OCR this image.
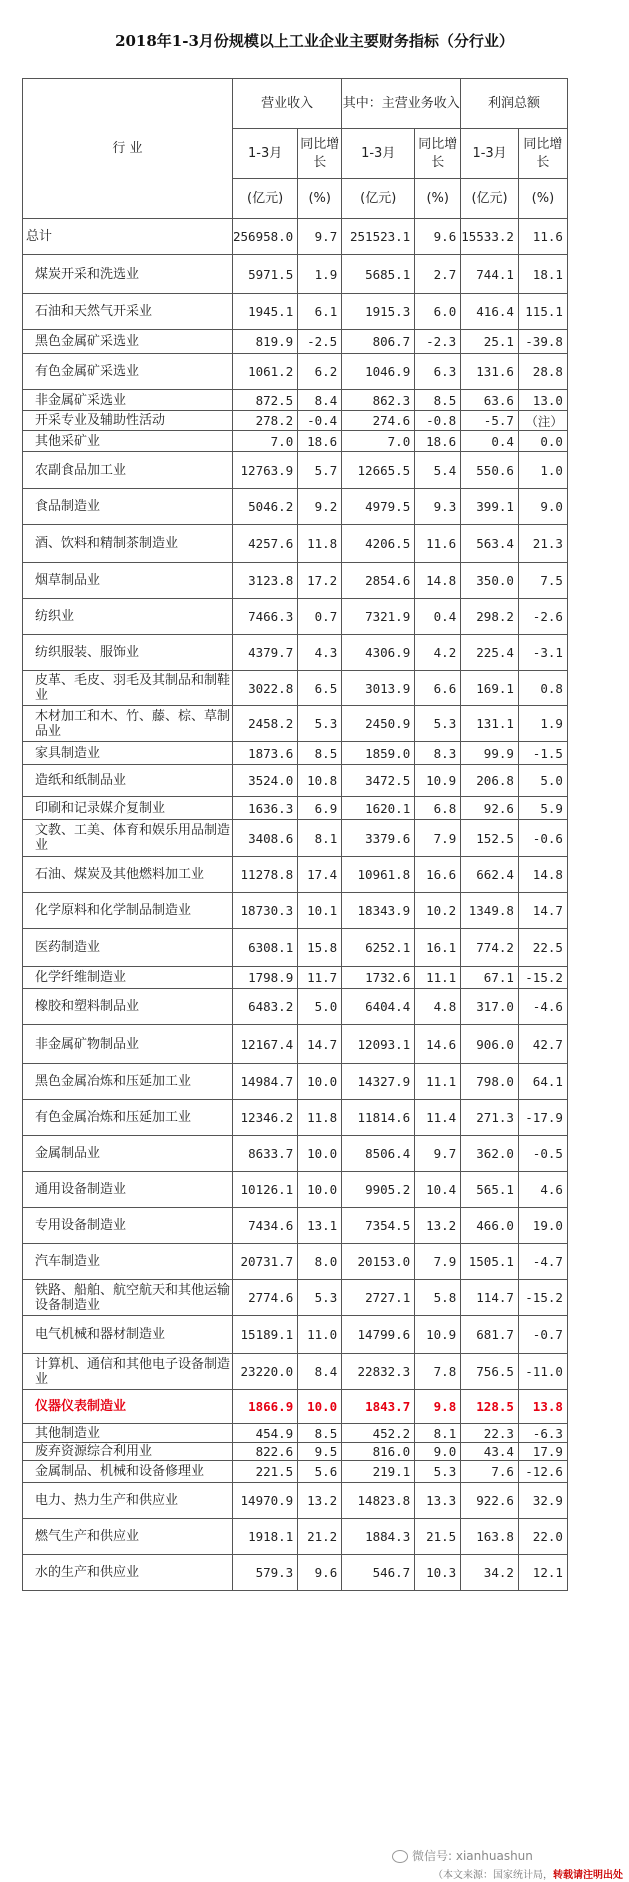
2018年1-3月份规模以上工业企业主要财务指标（分行业）
行 业	营业收入		其中：主营业务收入		利润总额	
	1-3月	同比增长	1-3月	同比增长	1-3月	同比增长
	(亿元)	(%)	(亿元)	(%)	(亿元)	(%)
总计	256958.0	9.7	251523.1	9.6	15533.2	11.6
煤炭开采和洗选业	5971.5	1.9	5685.1	2.7	744.1	18.1
石油和天然气开采业	1945.1	6.1	1915.3	6.0	416.4	115.1
黑色金属矿采选业	819.9	-2.5	806.7	-2.3	25.1	-39.8
有色金属矿采选业	1061.2	6.2	1046.9	6.3	131.6	28.8
非金属矿采选业	872.5	8.4	862.3	8.5	63.6	13.0
开采专业及辅助性活动	278.2	-0.4	274.6	-0.8	-5.7	（注）
其他采矿业	7.0	18.6	7.0	18.6	0.4	0.0
农副食品加工业	12763.9	5.7	12665.5	5.4	550.6	1.0
食品制造业	5046.2	9.2	4979.5	9.3	399.1	9.0
酒、饮料和精制茶制造业	4257.6	11.8	4206.5	11.6	563.4	21.3
烟草制品业	3123.8	17.2	2854.6	14.8	350.0	7.5
纺织业	7466.3	0.7	7321.9	0.4	298.2	-2.6
纺织服装、服饰业	4379.7	4.3	4306.9	4.2	225.4	-3.1
皮革、毛皮、羽毛及其制品和制鞋业	3022.8	6.5	3013.9	6.6	169.1	0.8
木材加工和木、竹、藤、棕、草制品业	2458.2	5.3	2450.9	5.3	131.1	1.9
家具制造业	1873.6	8.5	1859.0	8.3	99.9	-1.5
造纸和纸制品业	3524.0	10.8	3472.5	10.9	206.8	5.0
印刷和记录媒介复制业	1636.3	6.9	1620.1	6.8	92.6	5.9
文教、工美、体育和娱乐用品制造业	3408.6	8.1	3379.6	7.9	152.5	-0.6
石油、煤炭及其他燃料加工业	11278.8	17.4	10961.8	16.6	662.4	14.8
化学原料和化学制品制造业	18730.3	10.1	18343.9	10.2	1349.8	14.7
医药制造业	6308.1	15.8	6252.1	16.1	774.2	22.5
化学纤维制造业	1798.9	11.7	1732.6	11.1	67.1	-15.2
橡胶和塑料制品业	6483.2	5.0	6404.4	4.8	317.0	-4.6
非金属矿物制品业	12167.4	14.7	12093.1	14.6	906.0	42.7
黑色金属冶炼和压延加工业	14984.7	10.0	14327.9	11.1	798.0	64.1
有色金属冶炼和压延加工业	12346.2	11.8	11814.6	11.4	271.3	-17.9
金属制品业	8633.7	10.0	8506.4	9.7	362.0	-0.5
通用设备制造业	10126.1	10.0	9905.2	10.4	565.1	4.6
专用设备制造业	7434.6	13.1	7354.5	13.2	466.0	19.0
汽车制造业	20731.7	8.0	20153.0	7.9	1505.1	-4.7
铁路、船舶、航空航天和其他运输设备制造业	2774.6	5.3	2727.1	5.8	114.7	-15.2
电气机械和器材制造业	15189.1	11.0	14799.6	10.9	681.7	-0.7
计算机、通信和其他电子设备制造业	23220.0	8.4	22832.3	7.8	756.5	-11.0
仪器仪表制造业	1866.9	10.0	1843.7	9.8	128.5	13.8
其他制造业	454.9	8.5	452.2	8.1	22.3	-6.3
废弃资源综合利用业	822.6	9.5	816.0	9.0	43.4	17.9
金属制品、机械和设备修理业	221.5	5.6	219.1	5.3	7.6	-12.6
电力、热力生产和供应业	14970.9	13.2	14823.8	13.3	922.6	32.9
燃气生产和供应业	1918.1	21.2	1884.3	21.5	163.8	22.0
水的生产和供应业	579.3	9.6	546.7	10.3	34.2	12.1
微信号: xianhuashun
（本文来源：国家统计局，转载请注明出处
